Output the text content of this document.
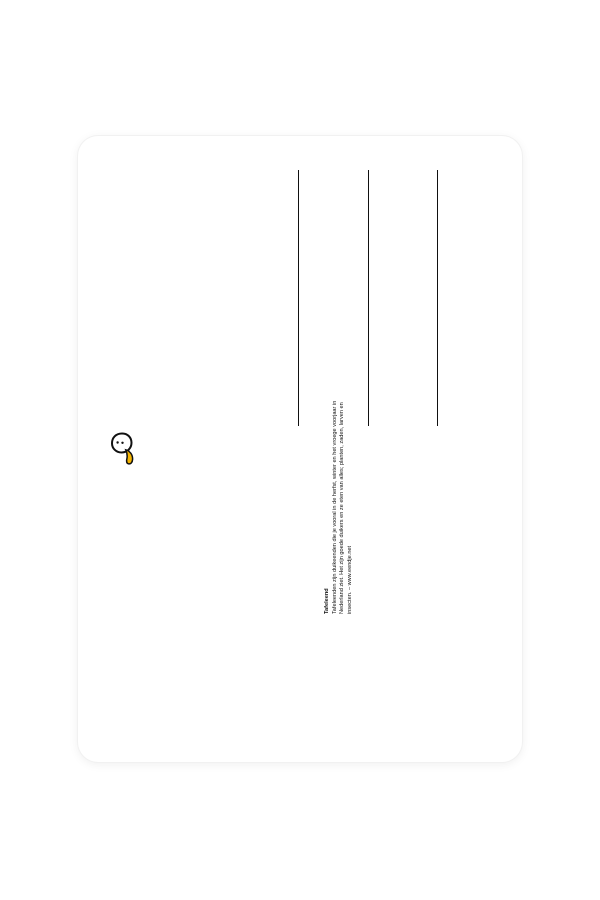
Tafeleend Tafeleenden zijn duikeenden die je vooral in de herfst, winter en het vroege voorjaar in Nederland ziet. Het zijn goede duikers en ze eten van alles; planten, zaden, larven en insecten. – www.eendje.net
